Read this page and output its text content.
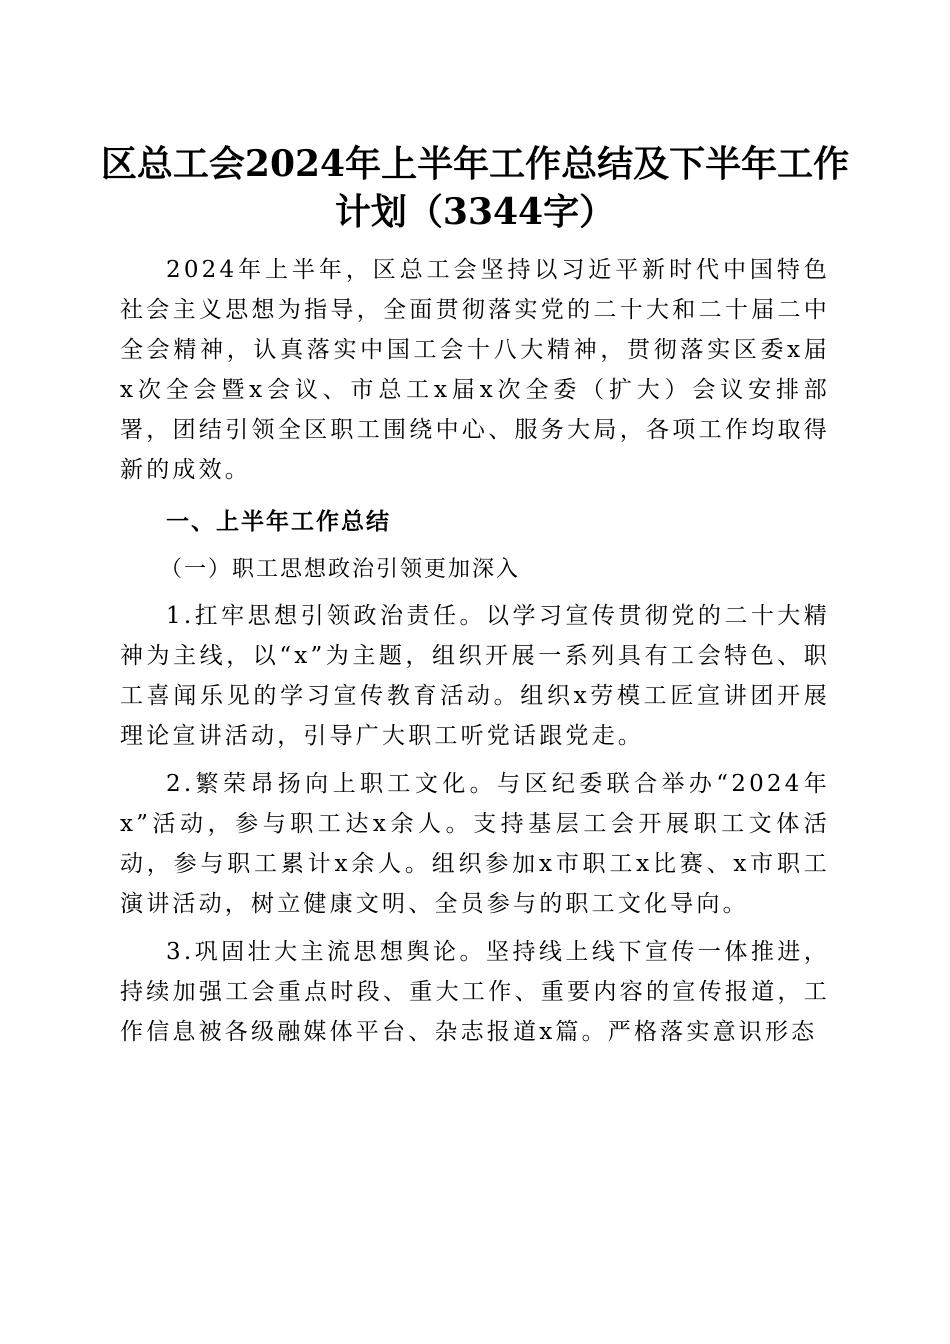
区总工会2024年上半年工作总结及下半年工作计划（3344字）

2024年上半年，区总工会坚持以习近平新时代中国特色社会主义思想为指导，全面贯彻落实党的二十大和二十届二中全会精神，认真落实中国工会十八大精神，贯彻落实区委x届x次全会暨x会议、市总工x届x次全委（扩大）会议安排部署，团结引领全区职工围绕中心、服务大局，各项工作均取得新的成效。

一、上半年工作总结

（一）职工思想政治引领更加深入

1.扛牢思想引领政治责任。以学习宣传贯彻党的二十大精神为主线，以“x”为主题，组织开展一系列具有工会特色、职工喜闻乐见的学习宣传教育活动。组织x劳模工匠宣讲团开展理论宣讲活动，引导广大职工听党话跟党走。

2.繁荣昂扬向上职工文化。与区纪委联合举办“2024年x”活动，参与职工达x余人。支持基层工会开展职工文体活动，参与职工累计x余人。组织参加x市职工x比赛、x市职工演讲活动，树立健康文明、全员参与的职工文化导向。

3.巩固壮大主流思想舆论。坚持线上线下宣传一体推进，持续加强工会重点时段、重大工作、重要内容的宣传报道，工作信息被各级融媒体平台、杂志报道x篇。严格落实意识形态
